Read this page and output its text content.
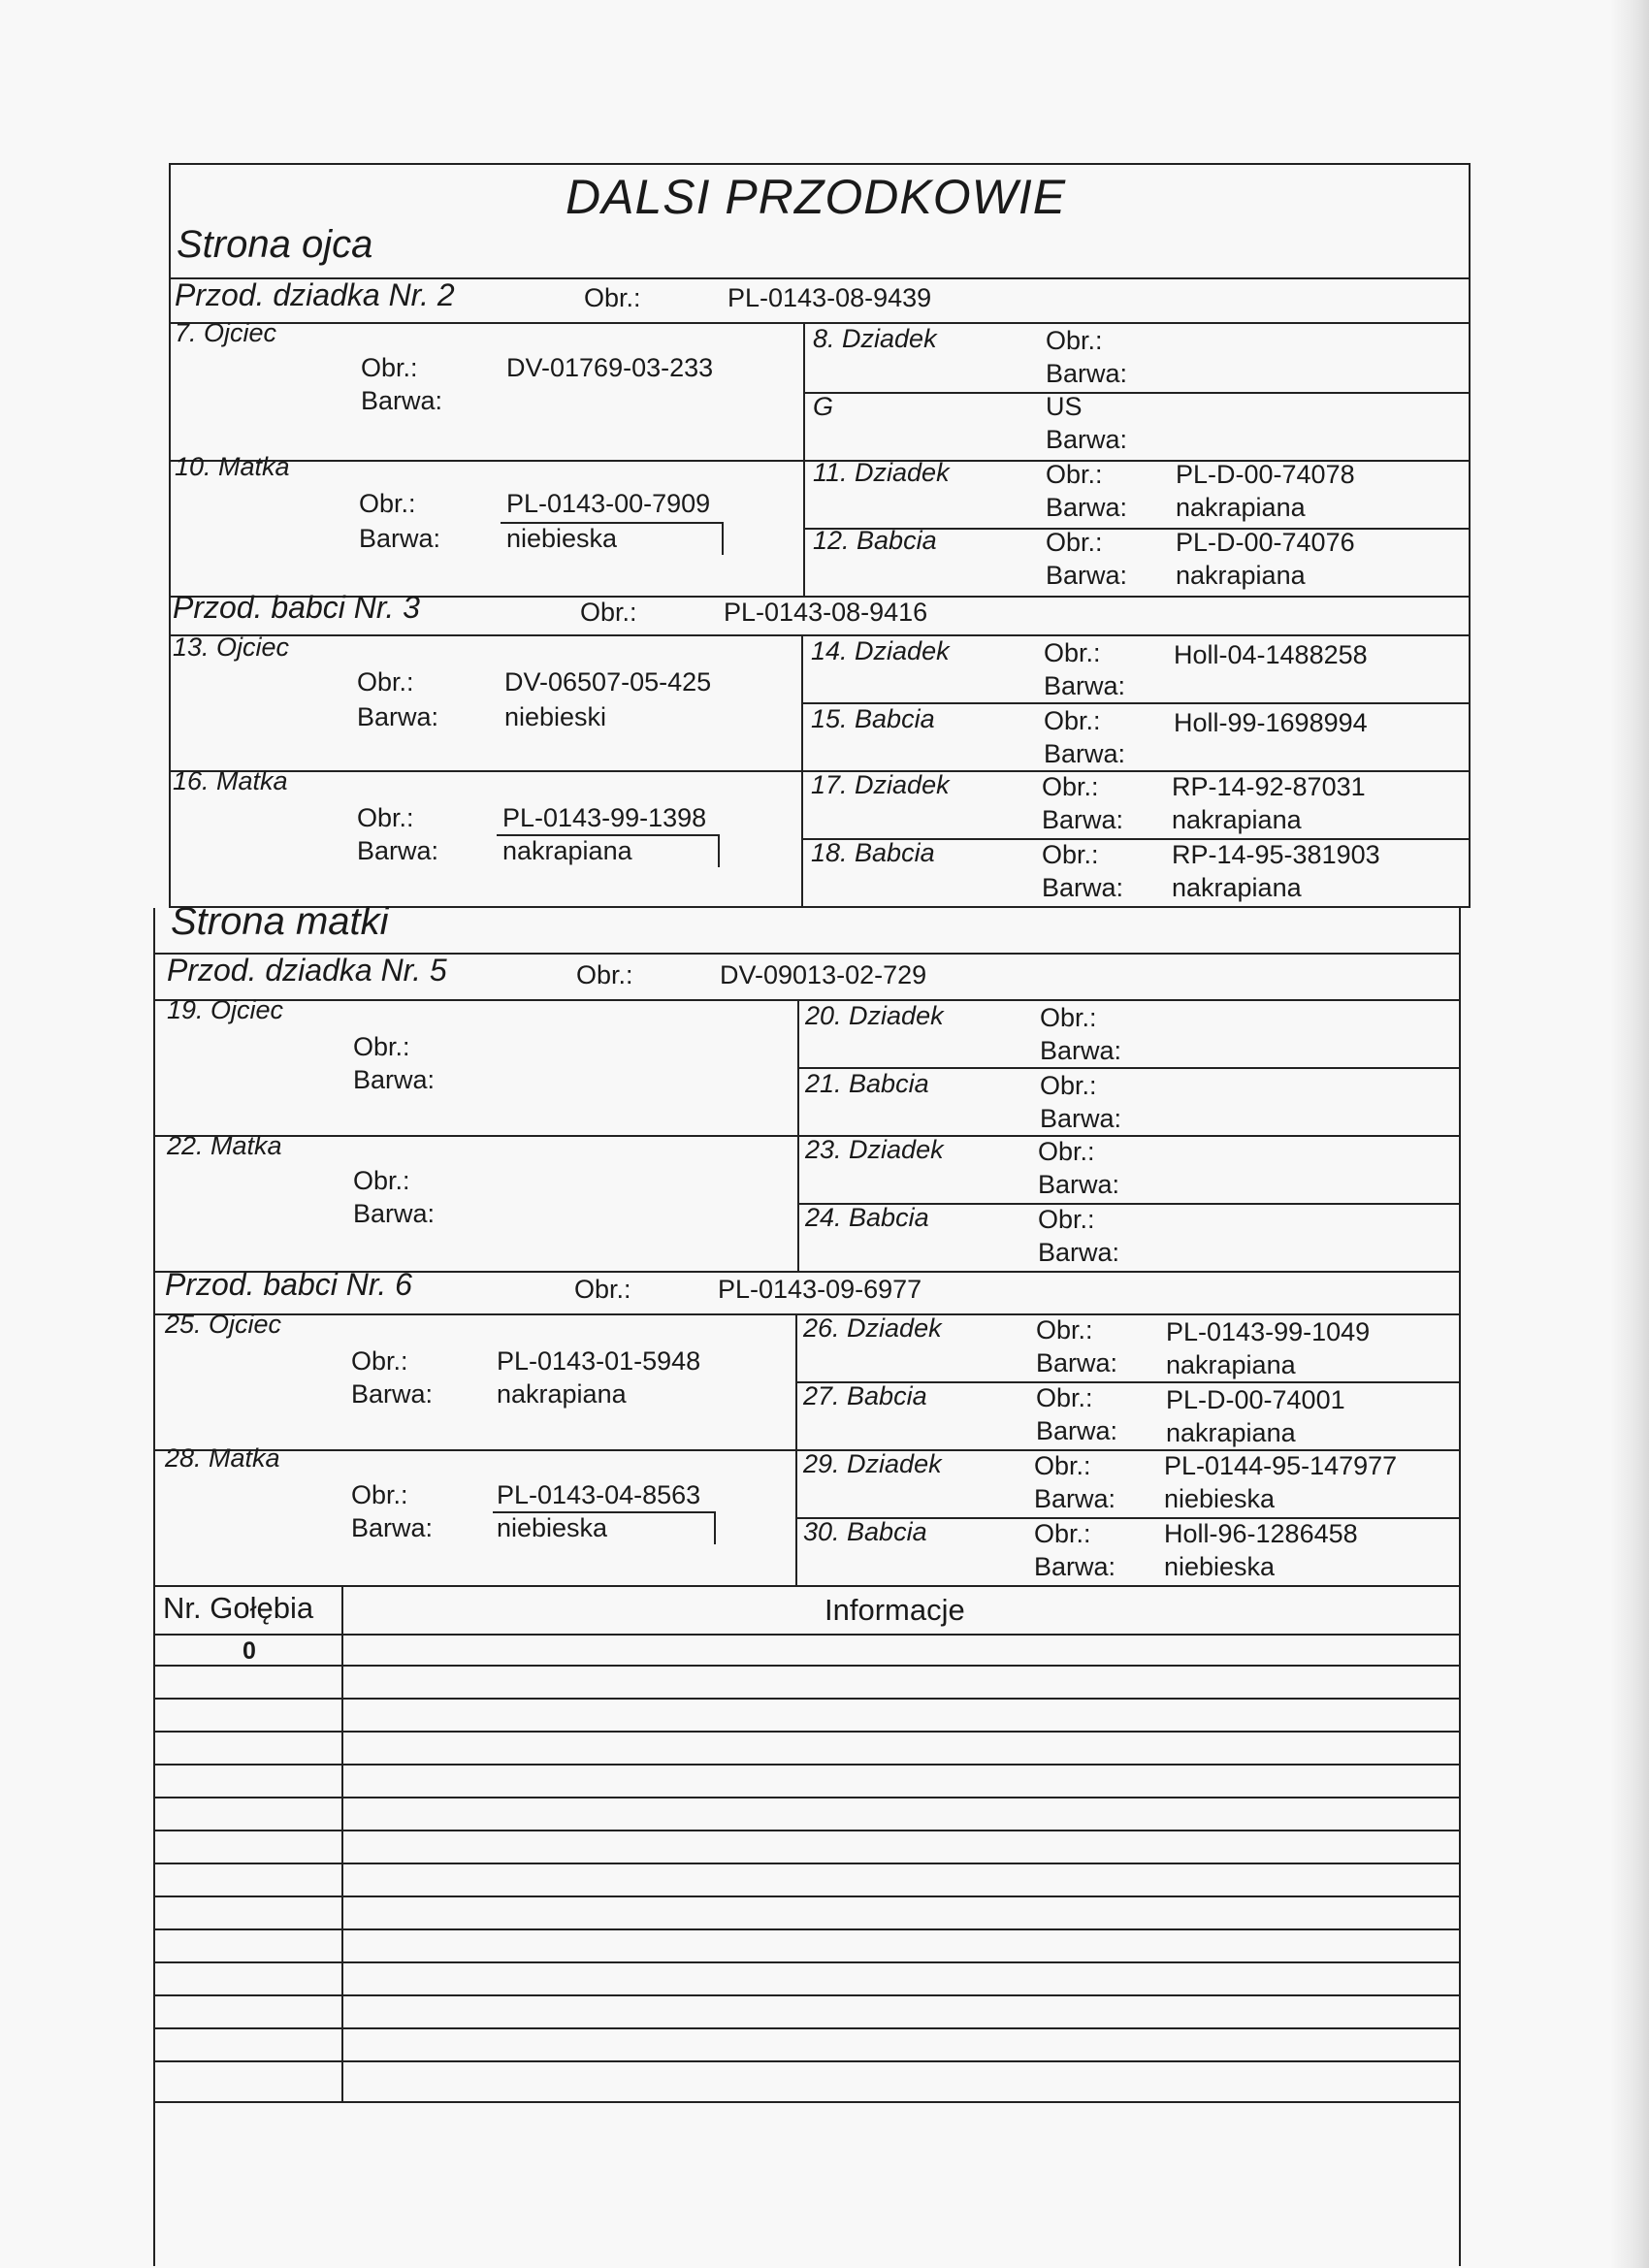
DALSI PRZODKOWIE
Strona ojca
Przod. dziadka Nr. 2	Obr.:	PL-0143-08-9439
7. Ojciec
Obr.:	DV-01769-03-233
Barwa:
10. Matka
Obr.:	PL-0143-00-7909
Barwa:	niebieska
8. Dziadek	Obr.:
Barwa:
G	US
Barwa:
11. Dziadek	Obr.:	PL-D-00-74078
Barwa: nakrapiana
12. Babcia	Obr.:	PL-D-00-74076
Barwa: nakrapiana
Przod. babci Nr. 3	Obr.:	PL-0143-08-9416
13. Ojciec
Obr.:	DV-06507-05-425
Barwa:	niebieski
16. Matka
Obr.:	PL-0143-99-1398
Barwa: nakrapiana
14. Dziadek	Obr.:	Holl-04-1488258
Barwa:
15. Babcia	Obr.:	Holl-99-1698994
Barwa:
17. Dziadek	Obr.:	RP-14-92-87031
Barwa: nakrapiana
18. Babcia	Obr.:	RP-14-95-381903
Barwa: nakrapiana
Strona matki
Przod. dziadka Nr. 5	Obr.:	DV-09013-02-729
19. Ojciec
Obr.:
Barwa:
22. Matka
Obr.:
Barwa:
20. Dziadek	Obr.:
Barwa:
21. Babcia	Obr.:
Barwa:
23. Dziadek	Obr.:
Barwa:
24. Babcia	Obr.:
Barwa:
Przod. babci Nr. 6	Obr.:	PL-0143-09-6977
25. Ojciec
Obr.:	PL-0143-01-5948
Barwa: nakrapiana
28. Matka
Obr.:	PL-0143-04-8563
Barwa: niebieska
26. Dziadek	Obr.:	PL-0143-99-1049
Barwa: nakrapiana
27. Babcia	Obr.:	PL-D-00-74001
Barwa: nakrapiana
29. Dziadek	Obr.:	PL-0144-95-147977
Barwa: niebieska
30. Babcia	Obr.:	Holl-96-1286458
Barwa: niebieska
Nr. Gołębia	Informacje
0
